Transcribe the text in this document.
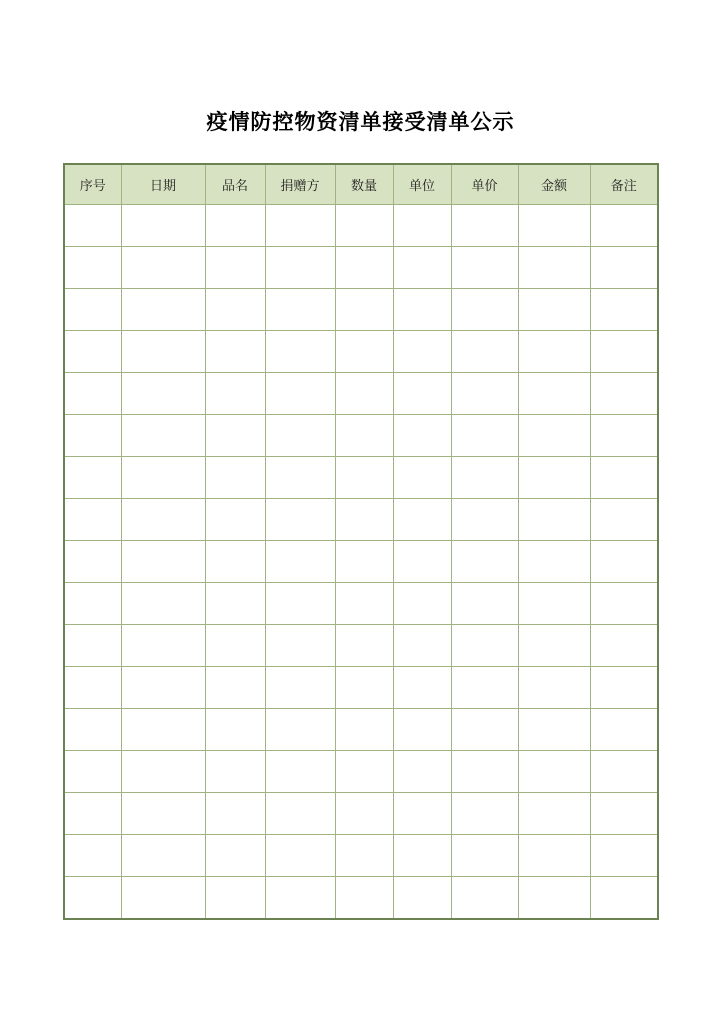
疫情防控物资清单接受清单公示
序号	日期	品名	捐赠方	数量	单位	单价	金额	备注
